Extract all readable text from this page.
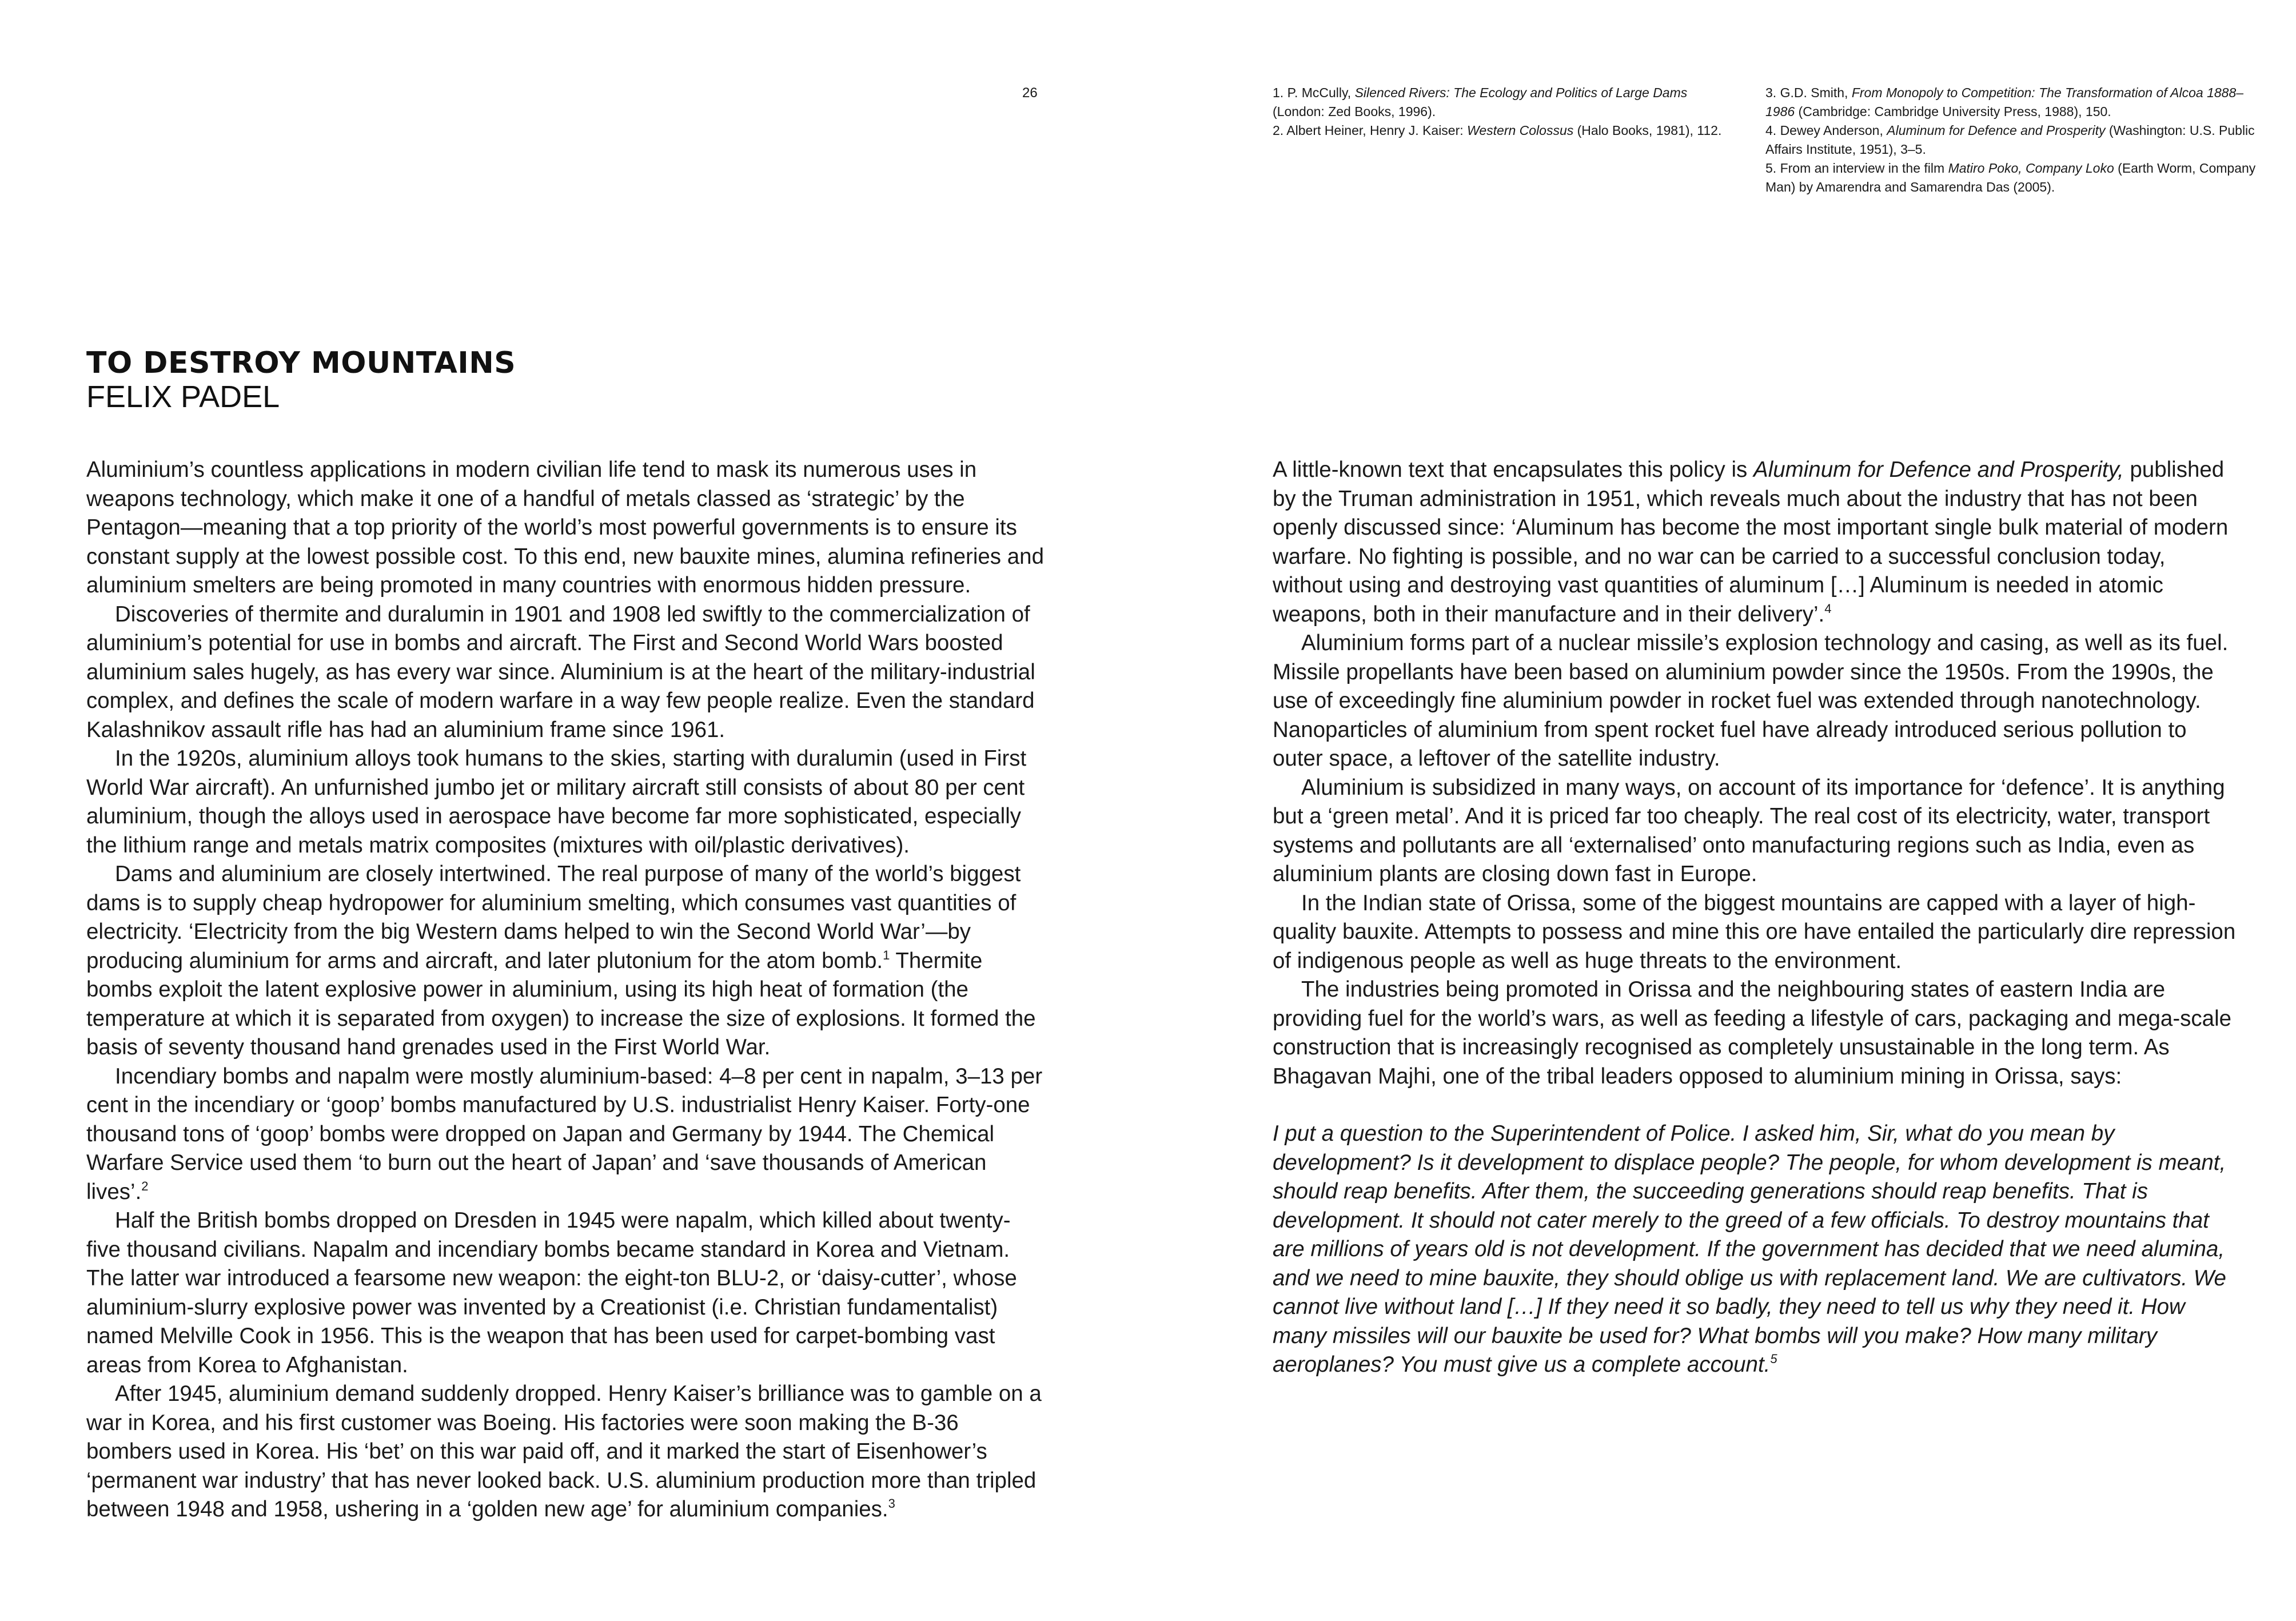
26	1. P. McCully, Silenced Rivers: The Ecology and Politics of Large Dams (London: Zed Books, 1996).

2. Albert Heiner, Henry J. Kaiser: Western Colossus (Halo Books, 1981), 112.

3. G.D. Smith, From Monopoly to Competition: The Transformation of Alcoa 1888–1986 (Cambridge: Cambridge University Press, 1988), 150.

4. Dewey Anderson, Aluminum for Defence and Prosperity (Washington: U.S. Public Affairs Institute, 1951), 3–5.

5. From an interview in the film Matiro Poko, Company Loko (Earth Worm, Company Man) by Amarendra and Samarendra Das (2005).

TO DESTROY MOUNTAINS
FELIX PADEL

Aluminium’s countless applications in modern civilian life tend to mask its numerous uses in weapons technology, which make it one of a handful of metals classed as ‘strategic’ by the Pentagon—meaning that a top priority of the world’s most powerful governments is to ensure its constant supply at the lowest possible cost. To this end, new bauxite mines, alumina refineries and aluminium smelters are being promoted in many countries with enormous hidden pressure.

Discoveries of thermite and duralumin in 1901 and 1908 led swiftly to the commercialization of aluminium’s potential for use in bombs and aircraft. The First and Second World Wars boosted aluminium sales hugely, as has every war since. Aluminium is at the heart of the military-industrial complex, and defines the scale of modern warfare in a way few people realize. Even the standard Kalashnikov assault rifle has had an aluminium frame since 1961.

In the 1920s, aluminium alloys took humans to the skies, starting with duralumin (used in First World War aircraft). An unfurnished jumbo jet or military aircraft still consists of about 80 per cent aluminium, though the alloys used in aerospace have become far more sophisticated, especially the lithium range and metals matrix composites (mixtures with oil/plastic derivatives).

Dams and aluminium are closely intertwined. The real purpose of many of the world’s biggest dams is to supply cheap hydropower for aluminium smelting, which consumes vast quantities of electricity. ‘Electricity from the big Western dams helped to win the Second World War’—by producing aluminium for arms and aircraft, and later plutonium for the atom bomb.$^1$ Thermite bombs exploit the latent explosive power in aluminium, using its high heat of formation (the temperature at which it is separated from oxygen) to increase the size of explosions. It formed the basis of seventy thousand hand grenades used in the First World War.

Incendiary bombs and napalm were mostly aluminium-based: 4–8 per cent in napalm, 3–13 per cent in the incendiary or ‘goop’ bombs manufactured by U.S. industrialist Henry Kaiser. Forty-one thousand tons of ‘goop’ bombs were dropped on Japan and Germany by 1944. The Chemical Warfare Service used them ‘to burn out the heart of Japan’ and ‘save thousands of American lives’.$^2$

Half the British bombs dropped on Dresden in 1945 were napalm, which killed about twenty-five thousand civilians. Napalm and incendiary bombs became standard in Korea and Vietnam. The latter war introduced a fearsome new weapon: the eight-ton BLU-2, or ‘daisy-cutter’, whose aluminium-slurry explosive power was invented by a Creationist (i.e. Christian fundamentalist) named Melville Cook in 1956. This is the weapon that has been used for carpet-bombing vast areas from Korea to Afghanistan.

After 1945, aluminium demand suddenly dropped. Henry Kaiser’s brilliance was to gamble on a war in Korea, and his first customer was Boeing. His factories were soon making the B-36 bombers used in Korea. His ‘bet’ on this war paid off, and it marked the start of Eisenhower’s ‘permanent war industry’ that has never looked back. U.S. aluminium production more than tripled between 1948 and 1958, ushering in a ‘golden new age’ for aluminium companies.$^3$

A little-known text that encapsulates this policy is Aluminum for Defence and Prosperity, published by the Truman administration in 1951, which reveals much about the industry that has not been openly discussed since: ‘Aluminum has become the most important single bulk material of modern warfare. No fighting is possible, and no war can be carried to a successful conclusion today, without using and destroying vast quantities of aluminum […] Aluminum is needed in atomic weapons, both in their manufacture and in their delivery’.$^4$

Aluminium forms part of a nuclear missile’s explosion technology and casing, as well as its fuel. Missile propellants have been based on aluminium powder since the 1950s. From the 1990s, the use of exceedingly fine aluminium powder in rocket fuel was extended through nanotechnology. Nanoparticles of aluminium from spent rocket fuel have already introduced serious pollution to outer space, a leftover of the satellite industry.

Aluminium is subsidized in many ways, on account of its importance for ‘defence’. It is anything but a ‘green metal’. And it is priced far too cheaply. The real cost of its electricity, water, transport systems and pollutants are all ‘externalised’ onto manufacturing regions such as India, even as aluminium plants are closing down fast in Europe.

In the Indian state of Orissa, some of the biggest mountains are capped with a layer of high-quality bauxite. Attempts to possess and mine this ore have entailed the particularly dire repression of indigenous people as well as huge threats to the environment.

The industries being promoted in Orissa and the neighbouring states of eastern India are providing fuel for the world’s wars, as well as feeding a lifestyle of cars, packaging and mega-scale construction that is increasingly recognised as completely unsustainable in the long term. As Bhagavan Majhi, one of the tribal leaders opposed to aluminium mining in Orissa, says:

I put a question to the Superintendent of Police. I asked him, Sir, what do you mean by development? Is it development to displace people? The people, for whom development is meant, should reap benefits. After them, the succeeding generations should reap benefits. That is development. It should not cater merely to the greed of a few officials. To destroy mountains that are millions of years old is not development. If the government has decided that we need alumina, and we need to mine bauxite, they should oblige us with replacement land. We are cultivators. We cannot live without land […] If they need it so badly, they need to tell us why they need it. How many missiles will our bauxite be used for? What bombs will you make? How many military aeroplanes? You must give us a complete account.$^5$
